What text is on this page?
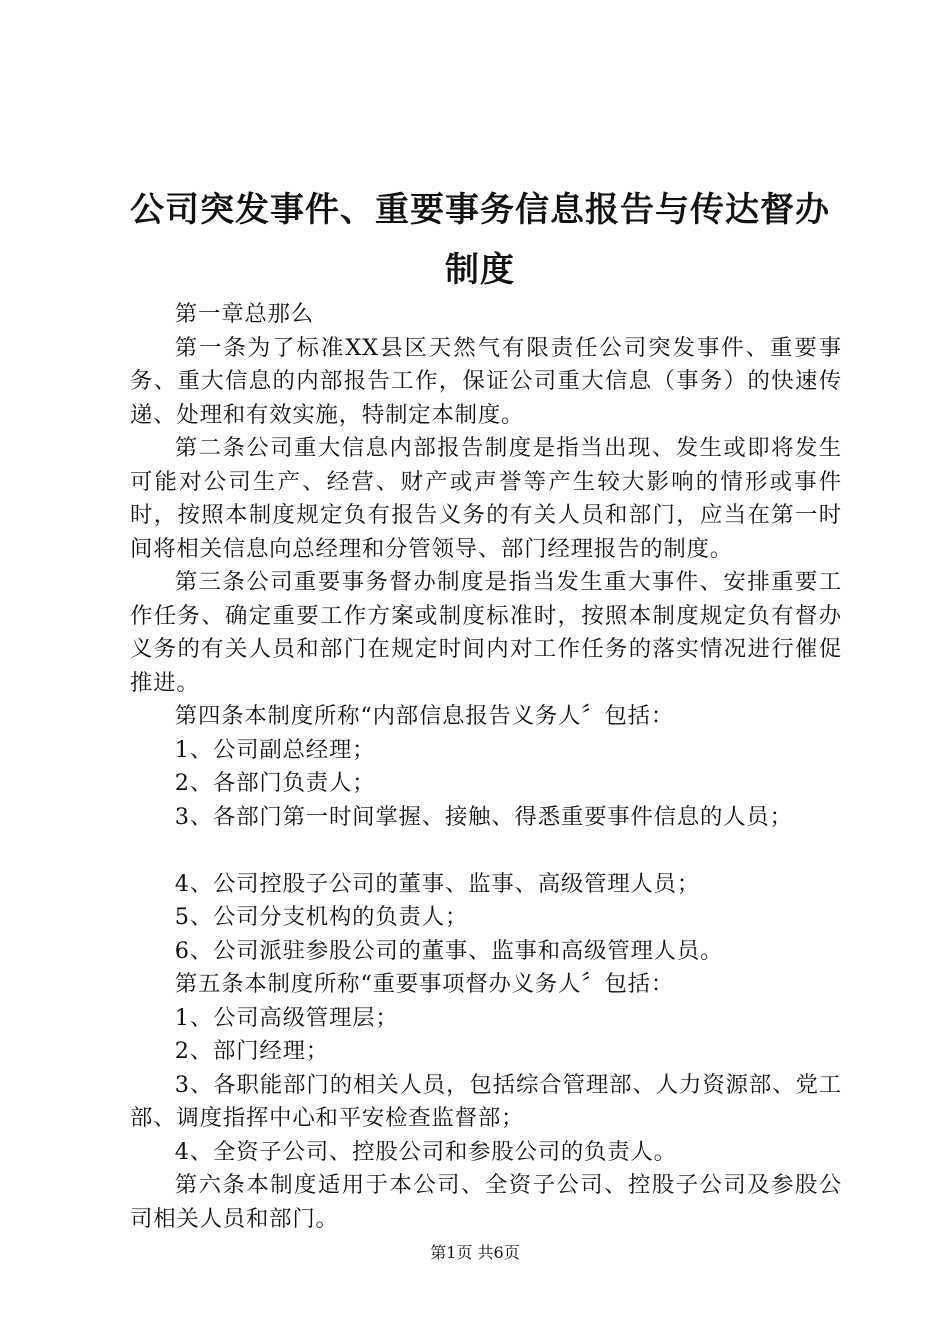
公司突发事件、重要事务信息报告与传达督办
制度

第一章总那么

第一条为了标准XX县区天然气有限责任公司突发事件、重要事务、重大信息的内部报告工作，保证公司重大信息（事务）的快速传递、处理和有效实施，特制定本制度。

第二条公司重大信息内部报告制度是指当出现、发生或即将发生可能对公司生产、经营、财产或声誉等产生较大影响的情形或事件时，按照本制度规定负有报告义务的有关人员和部门，应当在第一时间将相关信息向总经理和分管领导、部门经理报告的制度。

第三条公司重要事务督办制度是指当发生重大事件、安排重要工作任务、确定重要工作方案或制度标准时，按照本制度规定负有督办义务的有关人员和部门在规定时间内对工作任务的落实情况进行催促推进。

第四条本制度所称“内部信息报告义务人〞包括：

1、公司副总经理；

2、各部门负责人；

3、各部门第一时间掌握、接触、得悉重要事件信息的人员；

4、公司控股子公司的董事、监事、高级管理人员；

5、公司分支机构的负责人；

6、公司派驻参股公司的董事、监事和高级管理人员。

第五条本制度所称“重要事项督办义务人〞包括：

1、公司高级管理层；

2、部门经理；

3、各职能部门的相关人员，包括综合管理部、人力资源部、党工部、调度指挥中心和平安检查监督部；

4、全资子公司、控股公司和参股公司的负责人。

第六条本制度适用于本公司、全资子公司、控股子公司及参股公司相关人员和部门。

第1页 共6页
